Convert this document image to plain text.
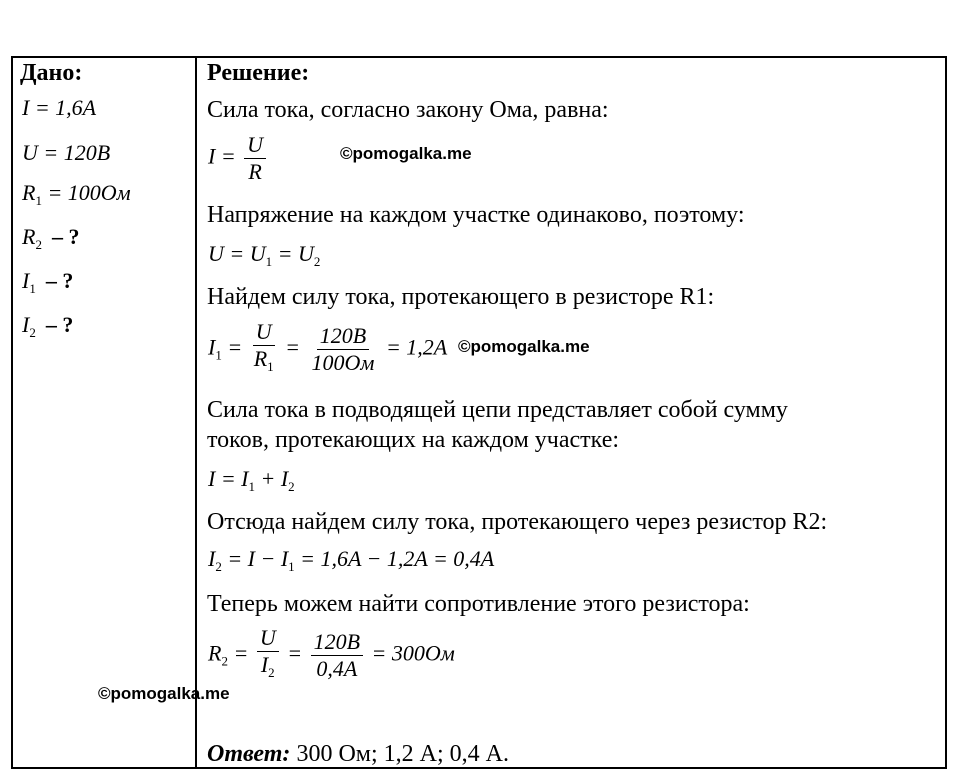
Дано:
I = 1,6A
U = 120B
$R_1 = 100Ом$
$R_2$ – ?
$I_1$ – ?
$I_2$ – ?
Решение:
Сила тока, согласно закону Ома, равна:
$I = \frac{U}{R}$
Напряжение на каждом участке одинаково, поэтому:
$U = U_1 = U_2$
Найдем силу тока, протекающего в резисторе R1:
$I_1 = \frac{U}{R_1} = \frac{120B}{100Ом} = 1,2A$
Сила тока в подводящей цепи представляет собой сумму
токов, протекающих на каждом участке:
$I = I_1 + I_2$
Отсюда найдем силу тока, протекающего через резистор R2:
$I_2 = I - I_1 = 1,6A - 1,2A = 0,4A$
Теперь можем найти сопротивление этого резистора:
$R_2 = \frac{U}{I_2} = \frac{120B}{0,4A} = 300Ом$
Ответ: 300 Ом; 1,2 А; 0,4 А.
©pomogalka.me
©pomogalka.me
©pomogalka.me
